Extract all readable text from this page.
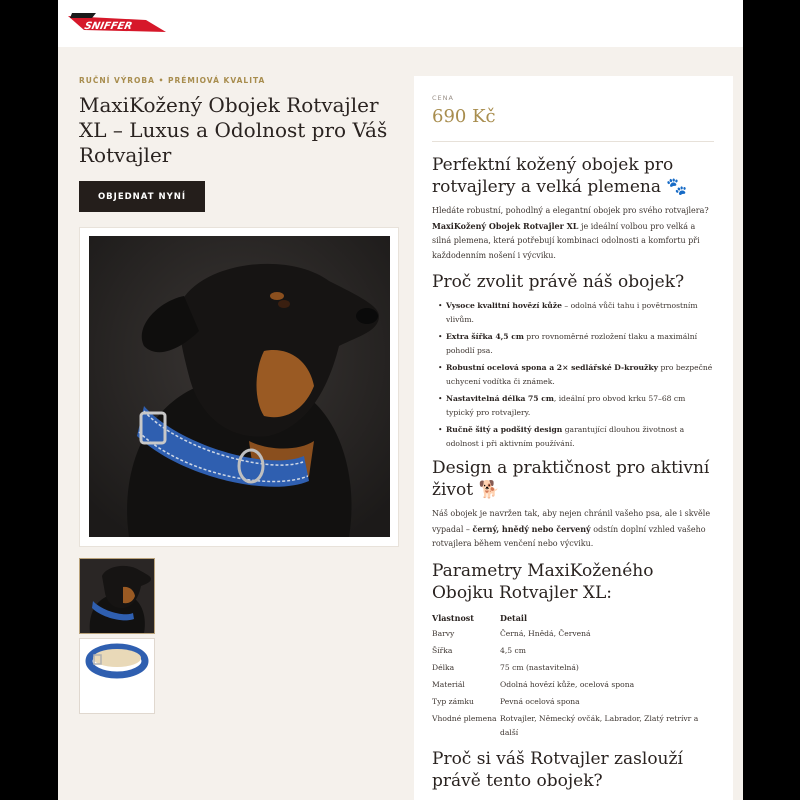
SNIFFER
RUČNÍ VÝROBA • PRÉMIOVÁ KVALITA
MaxiKožený Obojek Rotvajler XL – Luxus a Odolnost pro Váš Rotvajler
OBJEDNAT NYNÍ
CENA
690 Kč
Perfektní kožený obojek pro rotvajlery a velká plemena 🐾

Hledáte robustní, pohodlný a elegantní obojek pro svého rotvajlera? MaxiKožený Obojek Rotvajler XL je ideální volbou pro velká a silná plemena, která potřebují kombinaci odolnosti a komfortu při každodenním nošení i výcviku.

Proč zvolit právě náš obojek?
• Vysoce kvalitní hovězí kůže – odolná vůči tahu i povětrnostním vlivům.
• Extra šířka 4,5 cm pro rovnoměrné rozložení tlaku a maximální pohodlí psa.
• Robustní ocelová spona a 2× sedlářské D-kroužky pro bezpečné uchycení vodítka či známek.
• Nastavitelná délka 75 cm, ideální pro obvod krku 57–68 cm typický pro rotvajlery.
• Ručně šitý a podšitý design garantující dlouhou životnost a odolnost i při aktivním používání.
Design a praktičnost pro aktivní život 🐕

Náš obojek je navržen tak, aby nejen chránil vašeho psa, ale i skvěle vypadal – černý, hnědý nebo červený odstín doplní vzhled vašeho rotvajlera během venčení nebo výcviku.

Parametry MaxiKoženého Obojku Rotvajler XL:
Vlastnost	Detail
Barvy	Černá, Hnědá, Červená
Šířka	4,5 cm
Délka	75 cm (nastavitelná)
Materiál	Odolná hovězí kůže, ocelová spona
Typ zámku	Pevná ocelová spona
Vhodné plemena	Rotvajler, Německý ovčák, Labrador, Zlatý retrívr a další
Proč si váš Rotvajler zaslouží právě tento obojek?
